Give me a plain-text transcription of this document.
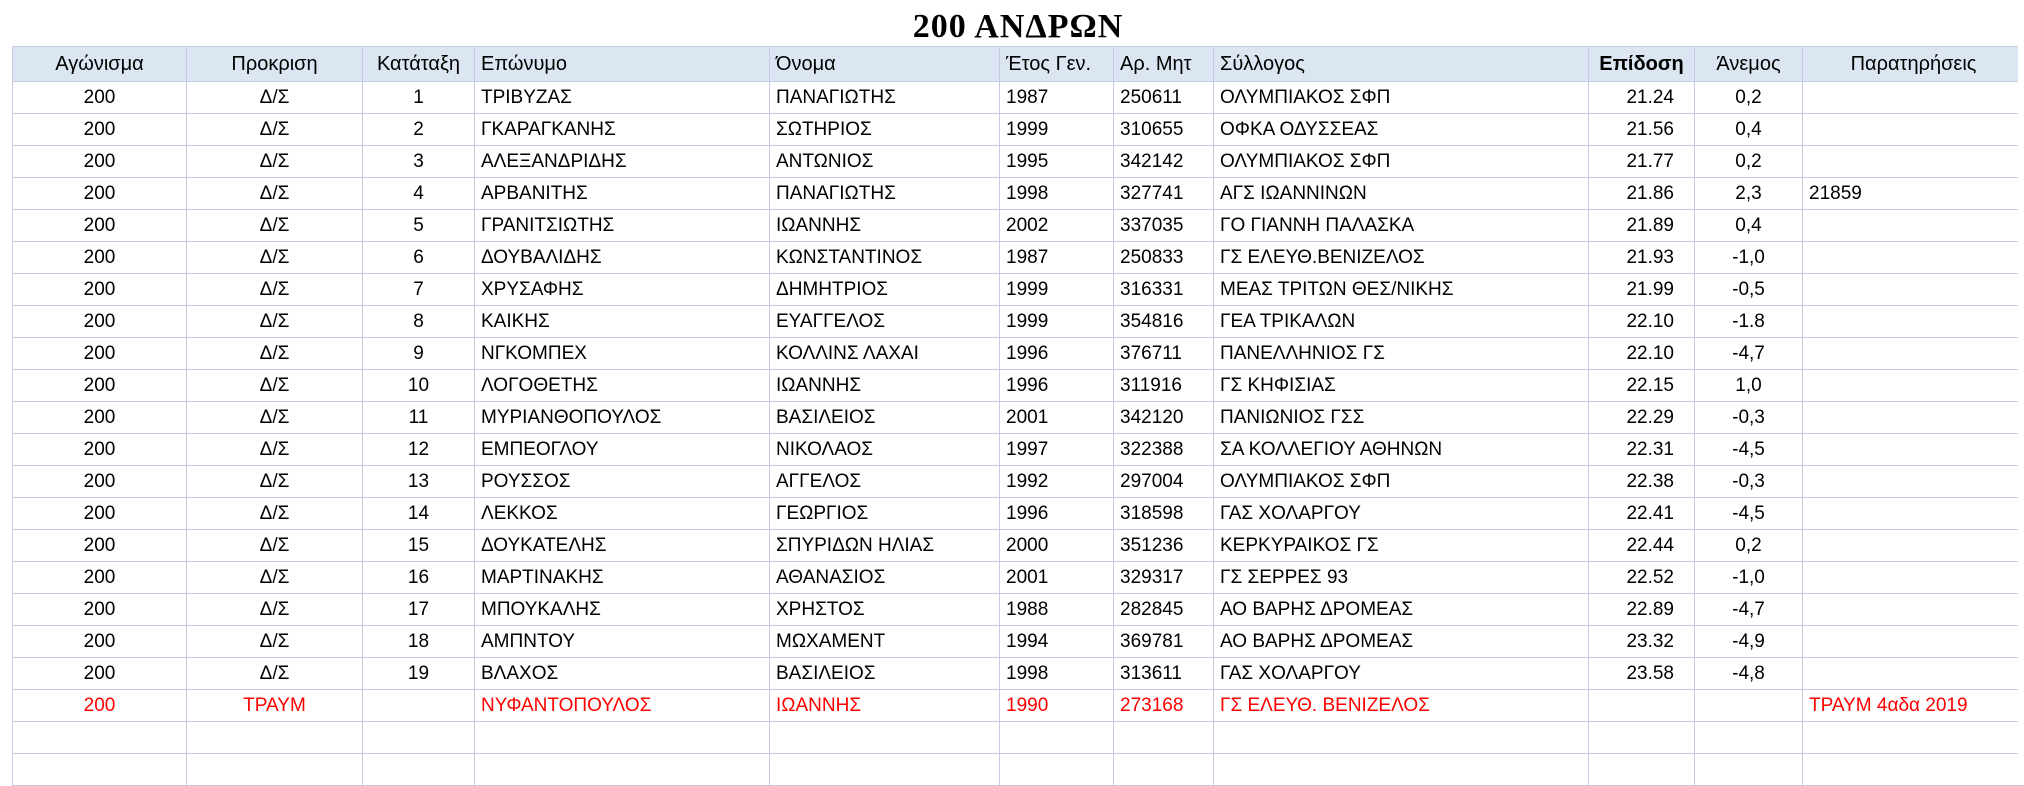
200 ΑΝΔΡΩΝ
Αγώνισμα	Προκριση	Κατάταξη	Επώνυμο	Όνομα	Έτος Γεν.	Αρ. Μητ	Σύλλογος	Επίδοση	Άνεμος	Παρατηρήσεις
200	Δ/Σ	1	ΤΡΙΒΥΖΑΣ	ΠΑΝΑΓΙΩΤΗΣ	1987	250611	ΟΛΥΜΠΙΑΚΟΣ ΣΦΠ	21.24	0,2	
200	Δ/Σ	2	ΓΚΑΡΑΓΚΑΝΗΣ	ΣΩΤΗΡΙΟΣ	1999	310655	ΟΦΚΑ ΟΔΥΣΣΕΑΣ	21.56	0,4	
200	Δ/Σ	3	ΑΛΕΞΑΝΔΡΙΔΗΣ	ΑΝΤΩΝΙΟΣ	1995	342142	ΟΛΥΜΠΙΑΚΟΣ ΣΦΠ	21.77	0,2	
200	Δ/Σ	4	ΑΡΒΑΝΙΤΗΣ	ΠΑΝΑΓΙΩΤΗΣ	1998	327741	ΑΓΣ ΙΩΑΝΝΙΝΩΝ	21.86	2,3	21859
200	Δ/Σ	5	ΓΡΑΝΙΤΣΙΩΤΗΣ	ΙΩΑΝΝΗΣ	2002	337035	ΓΟ ΓΙΑΝΝΗ ΠΑΛΑΣΚΑ	21.89	0,4	
200	Δ/Σ	6	ΔΟΥΒΑΛΙΔΗΣ	ΚΩΝΣΤΑΝΤΙΝΟΣ	1987	250833	ΓΣ ΕΛΕΥΘ.ΒΕΝΙΖΕΛΟΣ	21.93	-1,0	
200	Δ/Σ	7	ΧΡΥΣΑΦΗΣ	ΔΗΜΗΤΡΙΟΣ	1999	316331	ΜΕΑΣ ΤΡΙΤΩΝ ΘΕΣ/ΝΙΚΗΣ	21.99	-0,5	
200	Δ/Σ	8	ΚΑΙΚΗΣ	ΕΥΑΓΓΕΛΟΣ	1999	354816	ΓΕΑ ΤΡΙΚΑΛΩΝ	22.10	-1.8	
200	Δ/Σ	9	ΝΓΚΟΜΠΕΧ	ΚΟΛΛΙΝΣ ΛΑΧΑΙ	1996	376711	ΠΑΝΕΛΛΗΝΙΟΣ ΓΣ	22.10	-4,7	
200	Δ/Σ	10	ΛΟΓΟΘΕΤΗΣ	ΙΩΑΝΝΗΣ	1996	311916	ΓΣ ΚΗΦΙΣΙΑΣ	22.15	1,0	
200	Δ/Σ	11	ΜΥΡΙΑΝΘΟΠΟΥΛΟΣ	ΒΑΣΙΛΕΙΟΣ	2001	342120	ΠΑΝΙΩΝΙΟΣ ΓΣΣ	22.29	-0,3	
200	Δ/Σ	12	ΕΜΠΕΟΓΛΟΥ	ΝΙΚΟΛΑΟΣ	1997	322388	ΣΑ ΚΟΛΛΕΓΙΟΥ ΑΘΗΝΩΝ	22.31	-4,5	
200	Δ/Σ	13	ΡΟΥΣΣΟΣ	ΑΓΓΕΛΟΣ	1992	297004	ΟΛΥΜΠΙΑΚΟΣ ΣΦΠ	22.38	-0,3	
200	Δ/Σ	14	ΛΕΚΚΟΣ	ΓΕΩΡΓΙΟΣ	1996	318598	ΓΑΣ ΧΟΛΑΡΓΟΥ	22.41	-4,5	
200	Δ/Σ	15	ΔΟΥΚΑΤΕΛΗΣ	ΣΠΥΡΙΔΩΝ ΗΛΙΑΣ	2000	351236	ΚΕΡΚΥΡΑΙΚΟΣ ΓΣ	22.44	0,2	
200	Δ/Σ	16	ΜΑΡΤΙΝΑΚΗΣ	ΑΘΑΝΑΣΙΟΣ	2001	329317	ΓΣ ΣΕΡΡΕΣ 93	22.52	-1,0	
200	Δ/Σ	17	ΜΠΟΥΚΑΛΗΣ	ΧΡΗΣΤΟΣ	1988	282845	ΑΟ ΒΑΡΗΣ ΔΡΟΜΕΑΣ	22.89	-4,7	
200	Δ/Σ	18	ΑΜΠΝΤΟΥ	ΜΩΧΑΜΕΝΤ	1994	369781	ΑΟ ΒΑΡΗΣ ΔΡΟΜΕΑΣ	23.32	-4,9	
200	Δ/Σ	19	ΒΛΑΧΟΣ	ΒΑΣΙΛΕΙΟΣ	1998	313611	ΓΑΣ ΧΟΛΑΡΓΟΥ	23.58	-4,8	
200	ΤΡΑΥΜ		ΝΥΦΑΝΤΟΠΟΥΛΟΣ	ΙΩΑΝΝΗΣ	1990	273168	ΓΣ ΕΛΕΥΘ. ΒΕΝΙΖΕΛΟΣ			ΤΡΑΥΜ 4αδα 2019
